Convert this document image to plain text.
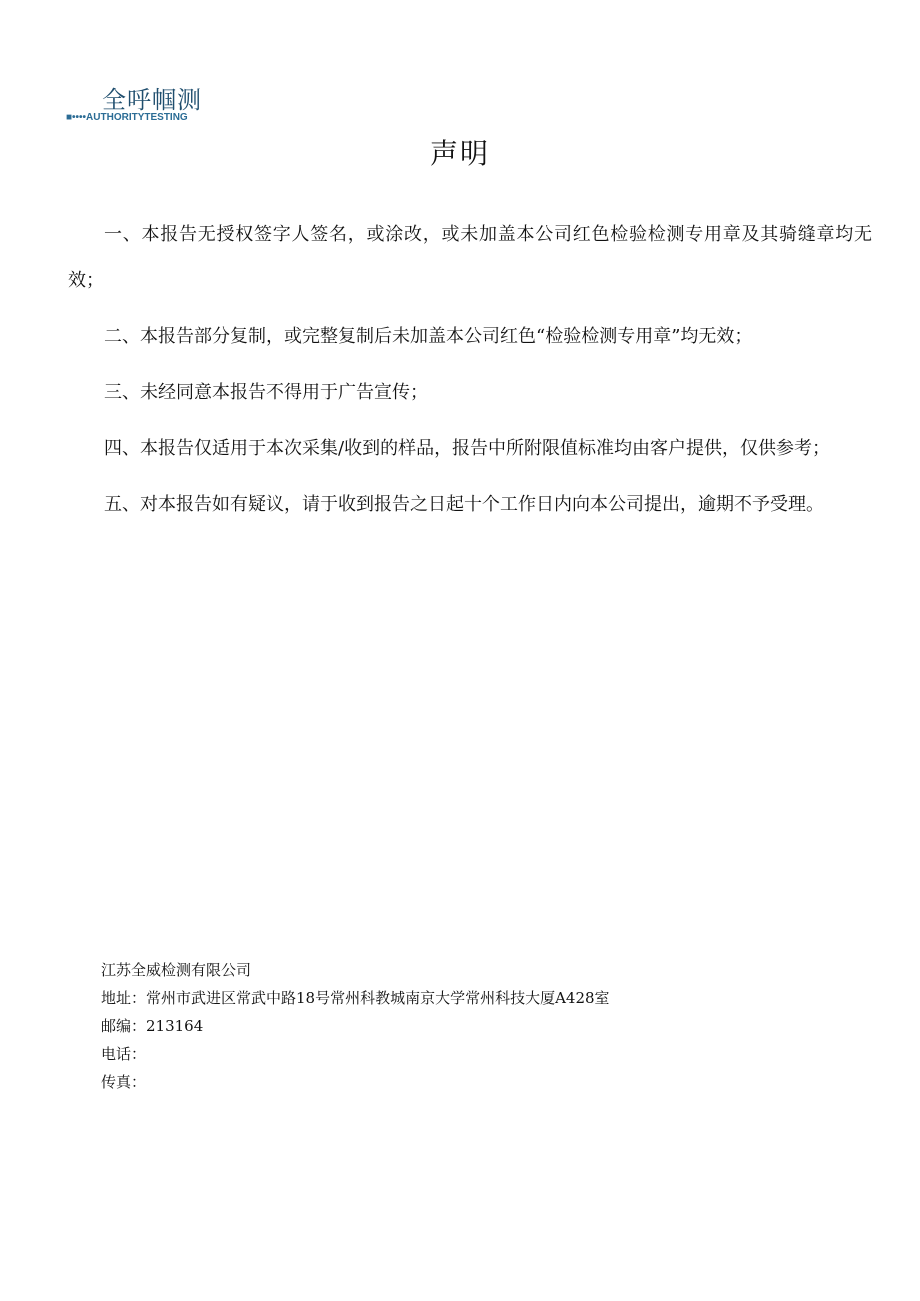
全呼帼测
■••••AUTHORITYTESTING
声明

一、本报告无授权签字人签名，或涂改，或未加盖本公司红色检验检测专用章及其骑缝章均无效；

二、本报告部分复制，或完整复制后未加盖本公司红色“检验检测专用章”均无效；

三、未经同意本报告不得用于广告宣传；

四、本报告仅适用于本次采集/收到的样品，报告中所附限值标准均由客户提供，仅供参考；

五、对本报告如有疑议，请于收到报告之日起十个工作日内向本公司提出，逾期不予受理。

江苏全威检测有限公司
地址：常州市武进区常武中路18号常州科教城南京大学常州科技大厦A428室
邮编：213164
电话：
传真：
